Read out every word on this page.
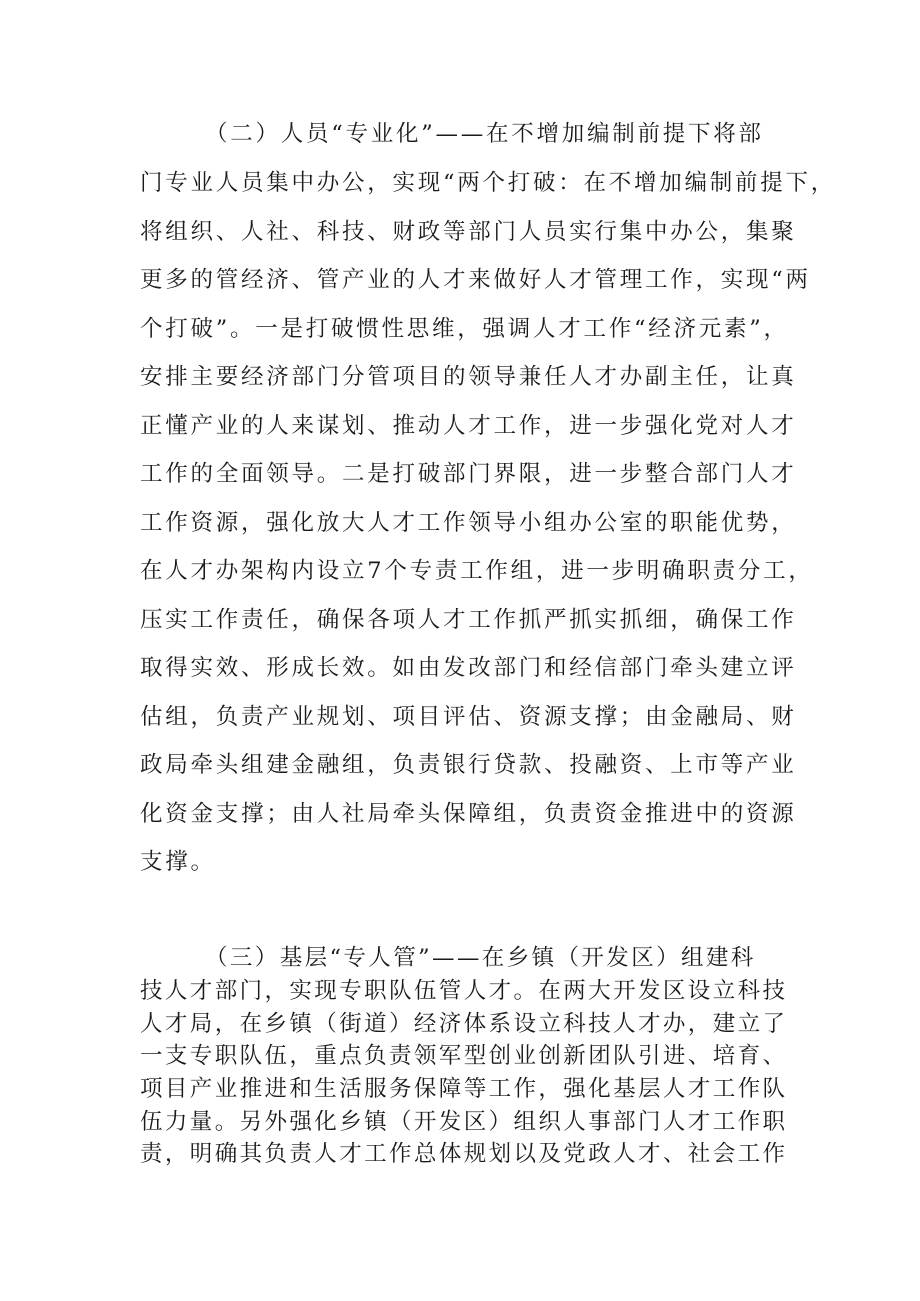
（二）人员“专业化”——在不增加编制前提下将部
门专业人员集中办公，实现“两个打破：在不增加编制前提下，
将组织、人社、科技、财政等部门人员实行集中办公，集聚
更多的管经济、管产业的人才来做好人才管理工作，实现“两
个打破”。一是打破惯性思维，强调人才工作“经济元素”，
安排主要经济部门分管项目的领导兼任人才办副主任，让真
正懂产业的人来谋划、推动人才工作，进一步强化党对人才
工作的全面领导。二是打破部门界限，进一步整合部门人才
工作资源，强化放大人才工作领导小组办公室的职能优势，
在人才办架构内设立7个专责工作组，进一步明确职责分工，
压实工作责任，确保各项人才工作抓严抓实抓细，确保工作
取得实效、形成长效。如由发改部门和经信部门牵头建立评
估组，负责产业规划、项目评估、资源支撑；由金融局、财
政局牵头组建金融组，负责银行贷款、投融资、上市等产业
化资金支撑；由人社局牵头保障组，负责资金推进中的资源
支撑。
（三）基层“专人管”——在乡镇（开发区）组建科
技人才部门，实现专职队伍管人才。在两大开发区设立科技
人才局，在乡镇（街道）经济体系设立科技人才办，建立了
一支专职队伍，重点负责领军型创业创新团队引进、培育、
项目产业推进和生活服务保障等工作，强化基层人才工作队
伍力量。另外强化乡镇（开发区）组织人事部门人才工作职
责，明确其负责人才工作总体规划以及党政人才、社会工作
